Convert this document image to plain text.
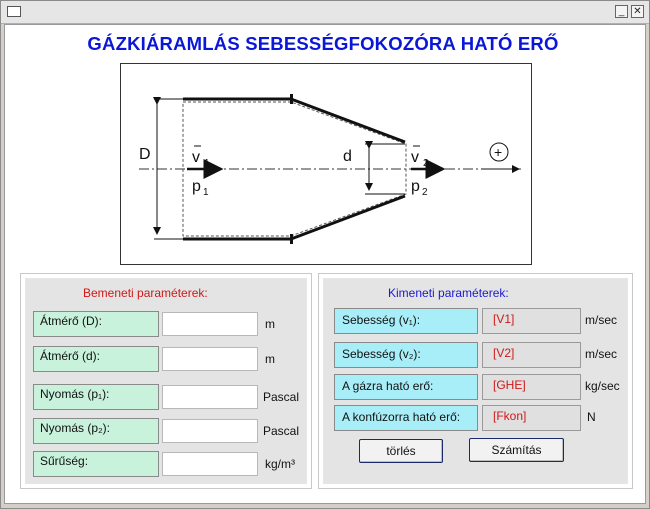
_ ✕
GÁZKIÁRAMLÁS SEBESSÉGFOKOZÓRA HATÓ ERŐ
D	d
v 1
p 1
v 2
p 2
+
Bemeneti paraméterek:
Átmérő (D):	m
Átmérő (d):	m
Nyomás (p₁):	Pascal
Nyomás (p₂):	Pascal
Sűrűség:	kg/m³
Kimeneti paraméterek:
Sebesség (v₁):	[V1]	m/sec
Sebesség (v₂):	[V2]	m/sec
A gázra ható erő:	[GHE]	kg/sec
A konfúzorra ható erő:	[Fkon]	N
törlés	Számítás
